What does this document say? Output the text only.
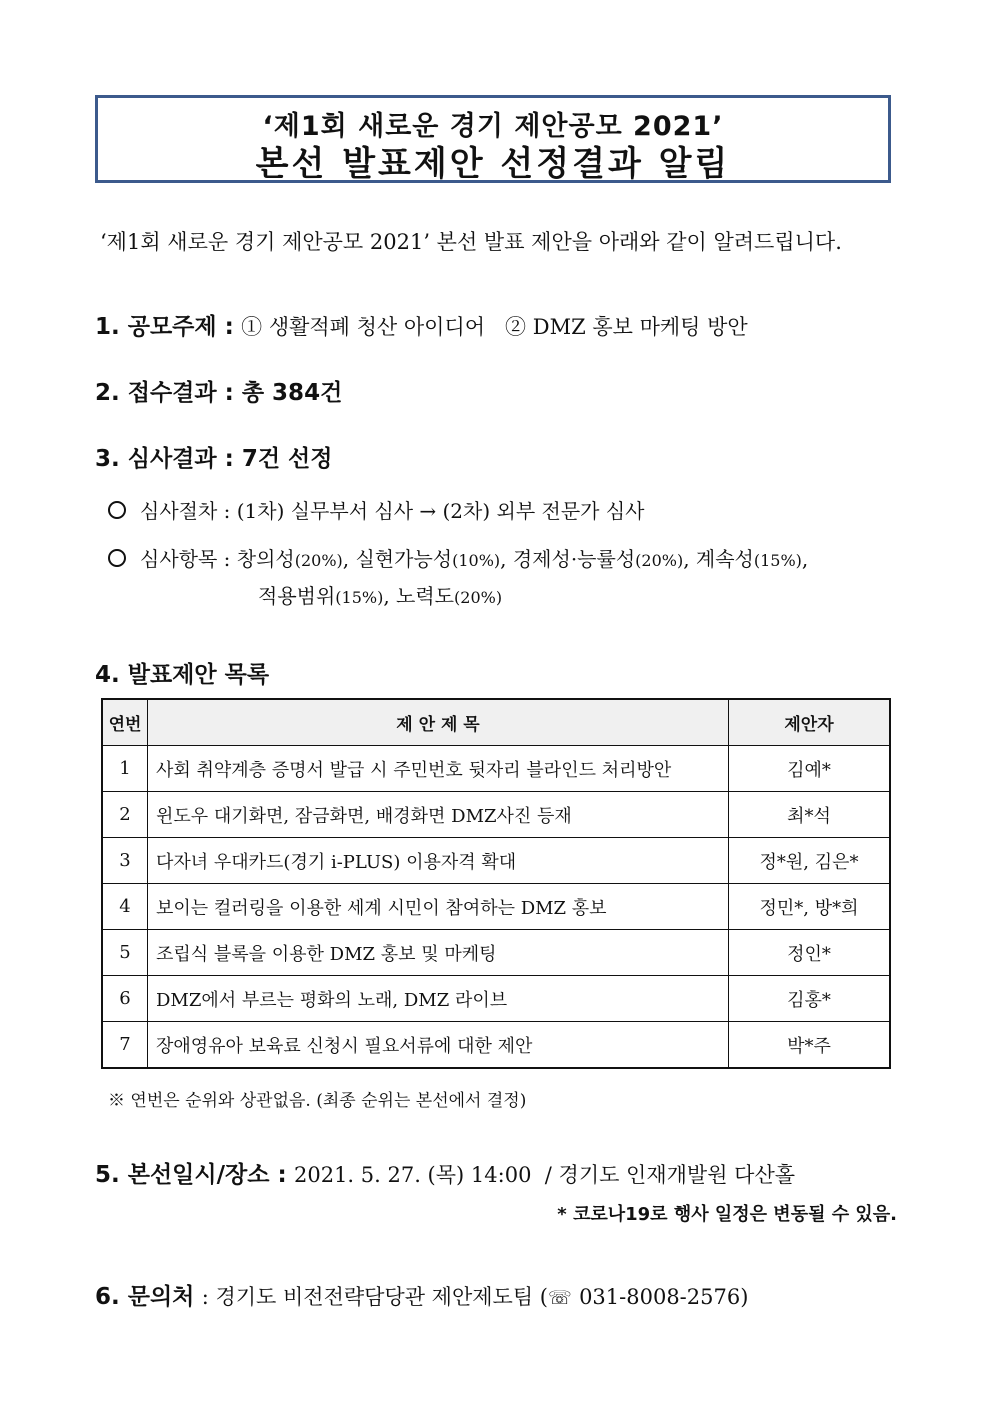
‘제1회 새로운 경기 제안공모 2021’
본선 발표제안 선정결과 알림
‘제1회 새로운 경기 제안공모 2021’ 본선 발표 제안을 아래와 같이 알려드립니다.
1. 공모주제 : ① 생활적폐 청산 아이디어   ② DMZ 홍보 마케팅 방안
2. 접수결과 : 총 384건
3. 심사결과 : 7건 선정
심사절차 : (1차) 실무부서 심사 → (2차) 외부 전문가 심사
심사항목 : 창의성(20%), 실현가능성(10%), 경제성·능률성(20%), 계속성(15%),
적용범위(15%), 노력도(20%)
4. 발표제안 목록
연번	제 안 제 목	제안자
1	사회 취약계층 증명서 발급 시 주민번호 뒷자리 블라인드 처리방안	김예*
2	윈도우 대기화면, 잠금화면, 배경화면 DMZ사진 등재	최*석
3	다자녀 우대카드(경기 i-PLUS) 이용자격 확대	정*원, 김은*
4	보이는 컬러링을 이용한 세계 시민이 참여하는 DMZ 홍보	정민*, 방*희
5	조립식 블록을 이용한 DMZ 홍보 및 마케팅	정인*
6	DMZ에서 부르는 평화의 노래, DMZ 라이브	김홍*
7	장애영유아 보육료 신청시 필요서류에 대한 제안	박*주
※ 연번은 순위와 상관없음. (최종 순위는 본선에서 결정)
5. 본선일시/장소 : 2021. 5. 27. (목) 14:00  / 경기도 인재개발원 다산홀
* 코로나19로 행사 일정은 변동될 수 있음.
6. 문의처 : 경기도 비전전략담당관 제안제도팀 (☏ 031-8008-2576)
